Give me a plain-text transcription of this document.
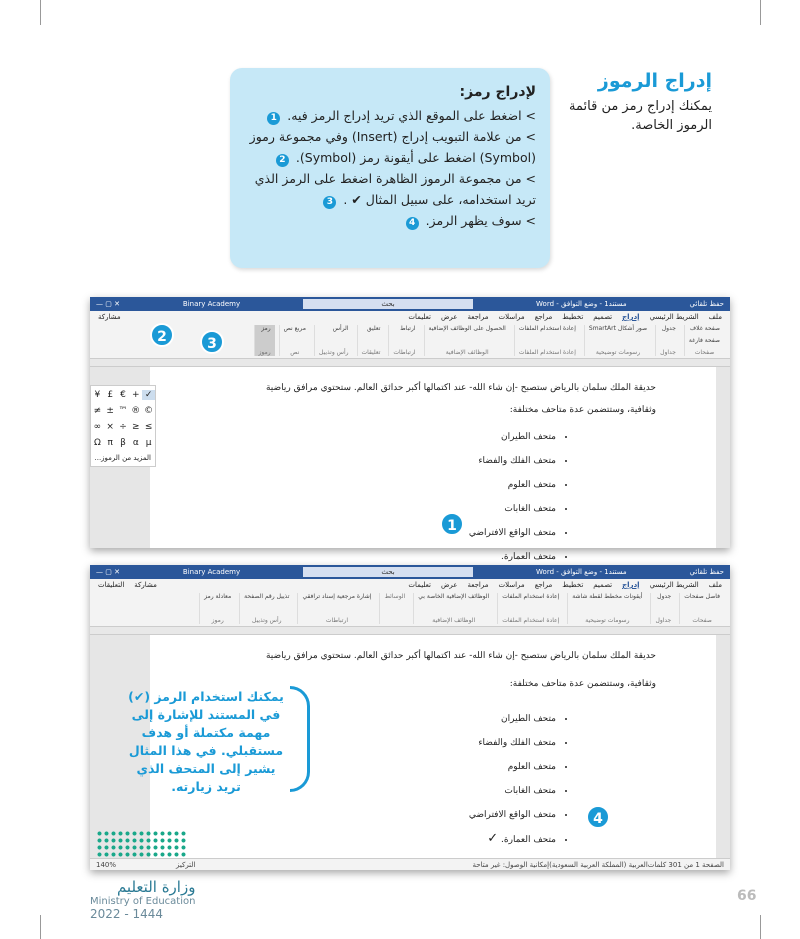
إدراج الرموز
يمكنك إدراج رمز من قائمة الرموز الخاصة.
لإدراج رمز:
> اضغط على الموقع الذي تريد إدراج الرمز فيه. 1
> من علامة التبويب إدراج (Insert) وفي مجموعة رموز (Symbol) اضغط على أيقونة رمز (Symbol). 2
> من مجموعة الرموز الظاهرة اضغط على الرمز الذي تريد استخدامه، على سبيل المثال ✔ . 3
> سوف يظهر الرمز. 4
حفظ تلقائي
مستند1 - وضع التوافق - Word
بحث
Binary Academy
✕ ▢ —
ملف
الشريط الرئيسي
إدراج
تصميم
تخطيط
مراجع
مراسلات
مراجعة
عرض
تعليمات
مشاركة
صفحة غلاف
صفحة فارغة
صفحات
جدول
جداول
صور أشكال SmartArt
رسومات توضيحية
إعادة استخدام الملفات
إعادة استخدام الملفات
الحصول على الوظائف الإضافية
الوظائف الإضافية
ارتباط
ارتباطات
تعليق
تعليقات
الرأس
رأس وتذييل
مربع نص
نص
رمز
رموز
¥ £ € + ✓
≠ ± ™ ® ©
∞ × ÷ ≥ ≤
Ω π β α µ
المزيد من الرموز...
حديقة الملك سلمان بالرياض ستصبح -إن شاء الله- عند اكتمالها أكبر حدائق العالم. ستحتوي مرافق رياضية
وثقافية، وستتضمن عدة متاحف مختلفة:
• متحف الطيران
• متحف الفلك والفضاء
• متحف العلوم
• متحف الغابات
• متحف الواقع الافتراضي
• متحف العمارة.
2	3
1
حفظ تلقائي
مستند1 - وضع التوافق - Word
بحث
Binary Academy
✕ ▢ —
ملف
الشريط الرئيسي
إدراج
تصميم
تخطيط
مراجع
مراسلات
مراجعة
عرض
تعليمات
مشاركة
التعليقات
فاصل صفحات
صفحات
جدول
جداول
أيقونات مخطط لقطة شاشة
رسومات توضيحية
إعادة استخدام الملفات
إعادة استخدام الملفات
الوظائف الإضافية الخاصة بي
الوظائف الإضافية
الوسائط
إشارة مرجعية إسناد ترافقي
ارتباطات
تذييل رقم الصفحة
رأس وتذييل
معادلة رمز
رموز
حديقة الملك سلمان بالرياض ستصبح -إن شاء الله- عند اكتمالها أكبر حدائق العالم. ستحتوي مرافق رياضية
وثقافية، وستتضمن عدة متاحف مختلفة:
• متحف الطيران
• متحف الفلك والفضاء
• متحف العلوم
• متحف الغابات
• متحف الواقع الافتراضي
• متحف العمارة. ✓
الصفحة 1 من 1
30 كلمات
العربية (المملكة العربية السعودية)
إمكانية الوصول: غير متاحة
التركيز
140%
4
يمكنك استخدام الرمز (✔) في المستند للإشارة إلى مهمة مكتملة أو هدف مستقبلي. في هذا المثال يشير إلى المتحف الذي تريد زيارته.
وزارة التعليم
Ministry of Education
2022 - 1444
66
